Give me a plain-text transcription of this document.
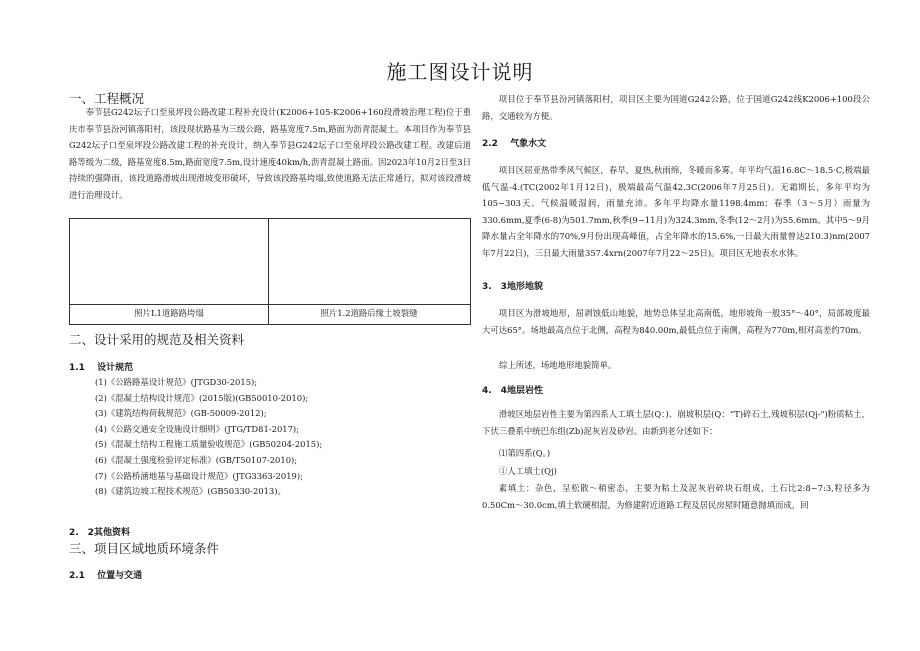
施工图设计说明
一、工程概况
奉节县G242坛子口至泉坪段公路改建工程补充设计(K2006+105-K2006+160段滑坡治理工程)位于重庆市奉节县汾河镇落阳村，该段现状路基为三级公路，路基宽度7.5m,路面为沥青混凝土。本项目作为奉节县G242坛子口至泉坪段公路改建工程的补充设计，纳入奉节县G242坛子口至泉坪段公路改建工程。改建后道路等级为二级，路基宽度8.5m,路面宽度7.5m,设计速度40km/h,沥青混凝土路面。因2023年10月2日至3日持续的强降雨，该段道路滑坡出现滑坡变形破坏，导致该段路基垮塌,致使道路无法正常通行，拟对该段滑坡进行治理设计。
照片L1道路路垮塌	照片1.2道路后缘土坡裂缝
二、设计采用的规范及相关资料
1.1　 设计规范
(1)《公路路基设计规范》(JTGD30-2015);
(2)《混凝土结构设计规范》(2015版)(GB50010-2010);
(3)《建筑结构荷载规范》(GB-50009-2012);
(4)《公路交通安全设施设计细则》(JTG/TD81-2017);
(5)《混凝土结构工程施工质量验收规范》(GB50204-2015);
(6)《混凝土强度检验评定标准》(GB/T50107-2010);
(7)《公路桥涵地基与基础设计规范》(JTG3363-2019);
(8)《建筑边坡工程技术规范》(GB50330-2013)。
2.　2其他资料
三、项目区域地质环境条件
2.1　 位置与交通
项目位于奉节县汾河镇落阳村，项目区主要为国道G242公路，位于国道G242线K2006+100段公路，交通较为方便。
2.2　 气象水文
项目区屈亚热带季风气候区，春早，夏热,秋雨绵，冬暖而多雾。年平均气温16.8C～18.5·C,极端最低气温-4.(TC(2002年1月12日)，极端最高气温42.3C(2006年7月25日)。无霜期长，多年平均为105~303天。气候温暖湿润，雨量充沛。多年平均降水量1198.4mm；春季（3～5月）雨量为330.6mm,夏季(6-8)为501.7mm,秋季(9~11月)为324.3mm,冬季(12～2月)为55.6mm。其中5～9月降水量占全年降水的70%,9月份出现高峰值，占全年降水的15.6%,一日最大雨量曾达210.3)nm(2007年7月22日)，三日最大雨量357.4xrn(2007年7月22～25日)。项目区无地表水水体。
3.　3地形地貌
项目区为滑坡地形，屈剥蚀低山地貌，地势总体呈北高南低，地形坡角一般35°～40°，局部坡度最大可达65°。场地最高点位于北侧，高程为840.00m,最低点位于南侧，高程为770m,相对高差约70m。
综上所述，场地地形地貌简单。
4.　4地层岩性
滑坡区地层岩性主要为第四系人工填土层(Q：)、崩坡积层(Q：“T)碎石土,残坡积层(Qj-")粉质粘土，下伏三叠系中统巴东组(Zb)泥灰岩及砂岩。由新到老分述如下：
⑴第四系(Q。)
①人工填土(Qj)
素填土：杂色，呈松散～稍密态，主要为粘土及泥灰岩碎块石组成，土石比2:8~7:3,粒径多为0.50Cm～30.0cm,填土软硬相混，为修建附近道路工程及居民房屋时随意抛填而成，回
